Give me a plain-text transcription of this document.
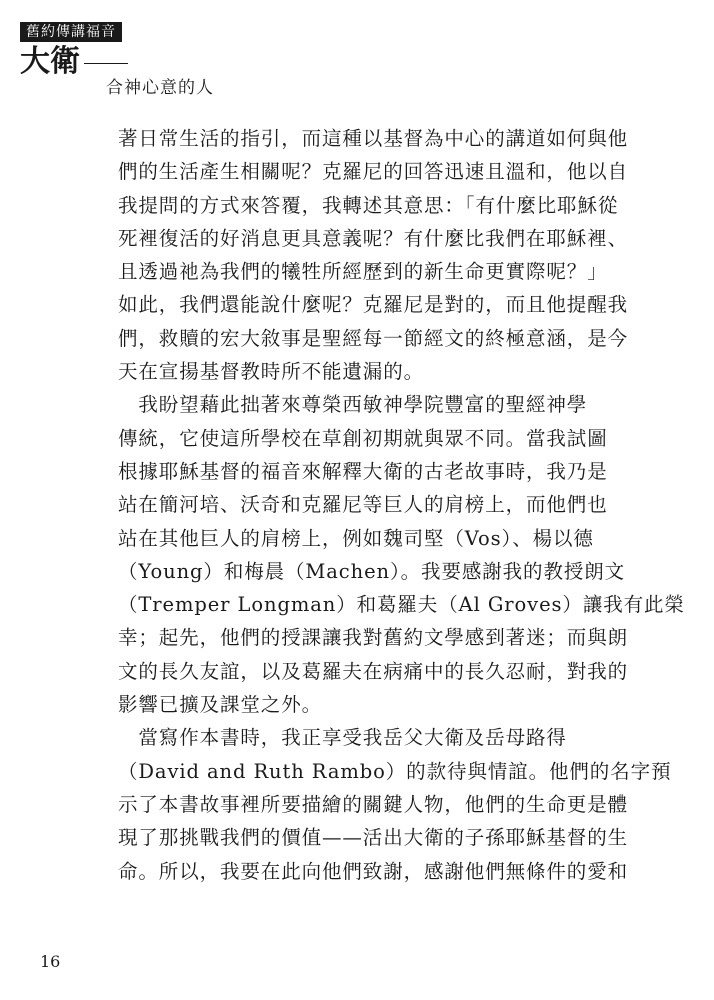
舊約傳講福音
大衛
合神心意的人
著日常生活的指引，而這種以基督為中心的講道如何與他
們的生活產生相關呢？克羅尼的回答迅速且溫和，他以自
我提問的方式來答覆，我轉述其意思：「有什麼比耶穌從
死裡復活的好消息更具意義呢？有什麼比我們在耶穌裡、
且透過祂為我們的犧牲所經歷到的新生命更實際呢？」
如此，我們還能說什麼呢？克羅尼是對的，而且他提醒我
們，救贖的宏大敘事是聖經每一節經文的終極意涵，是今
天在宣揚基督教時所不能遺漏的。
　我盼望藉此拙著來尊榮西敏神學院豐富的聖經神學
傳統，它使這所學校在草創初期就與眾不同。當我試圖
根據耶穌基督的福音來解釋大衛的古老故事時，我乃是
站在簡河培、沃奇和克羅尼等巨人的肩榜上，而他們也
站在其他巨人的肩榜上，例如魏司堅（Vos）、楊以德
（Young）和梅晨（Machen）。我要感謝我的教授朗文
（Tremper Longman）和葛羅夫（Al Groves）讓我有此榮
幸；起先，他們的授課讓我對舊約文學感到著迷；而與朗
文的長久友誼，以及葛羅夫在病痛中的長久忍耐，對我的
影響已擴及課堂之外。
　當寫作本書時，我正享受我岳父大衛及岳母路得
（David and Ruth Rambo）的款待與情誼。他們的名字預
示了本書故事裡所要描繪的關鍵人物，他們的生命更是體
現了那挑戰我們的價值——活出大衛的子孫耶穌基督的生
命。所以，我要在此向他們致謝，感謝他們無條件的愛和
16
